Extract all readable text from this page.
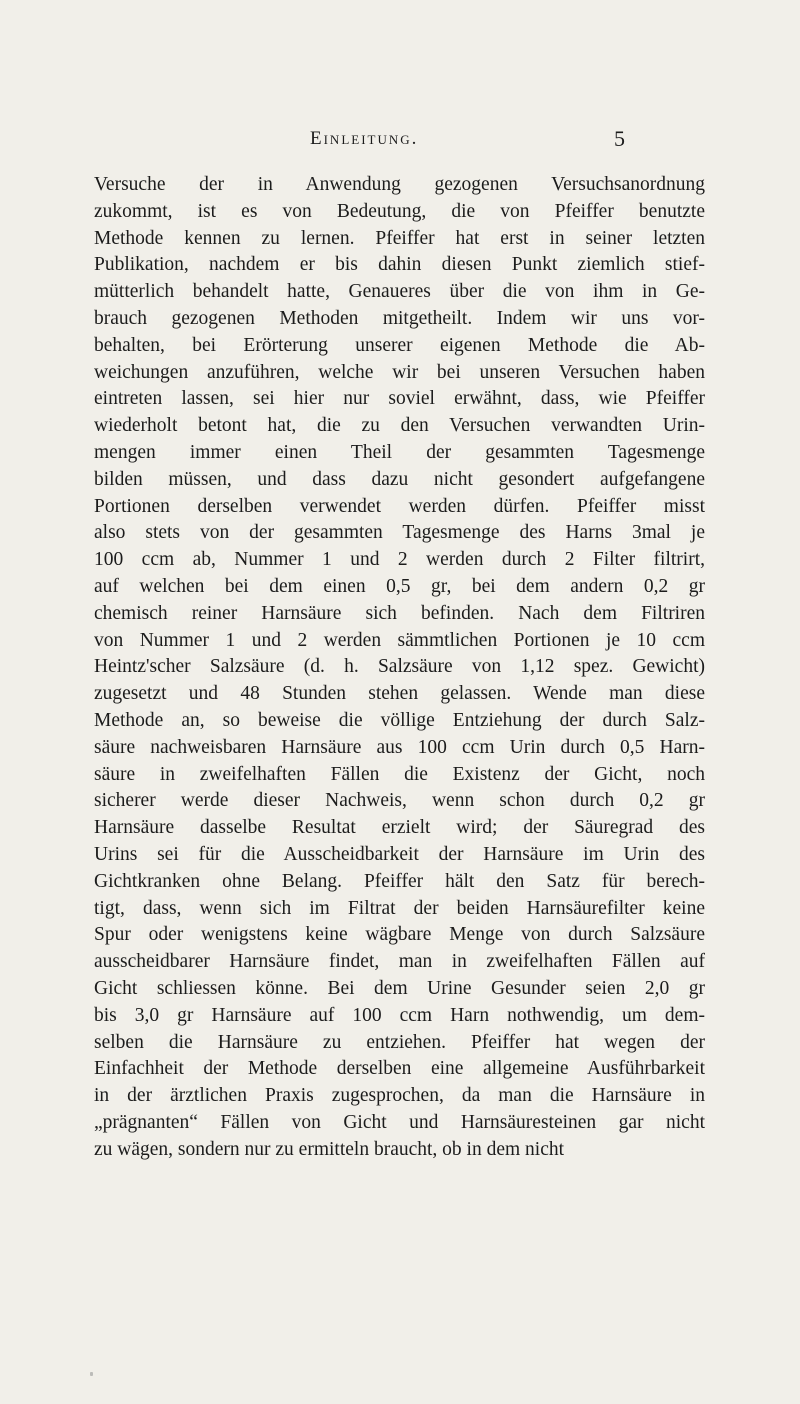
Einleitung.	5
Versuche der in Anwendung gezogenen Versuchsanordnung
zukommt, ist es von Bedeutung, die von Pfeiffer benutzte
Methode kennen zu lernen. Pfeiffer hat erst in seiner letzten
Publikation, nachdem er bis dahin diesen Punkt ziemlich stief-
mütterlich behandelt hatte, Genaueres über die von ihm in Ge-
brauch gezogenen Methoden mitgetheilt. Indem wir uns vor-
behalten, bei Erörterung unserer eigenen Methode die Ab-
weichungen anzuführen, welche wir bei unseren Versuchen haben
eintreten lassen, sei hier nur soviel erwähnt, dass, wie Pfeiffer
wiederholt betont hat, die zu den Versuchen verwandten Urin-
mengen immer einen Theil der gesammten Tagesmenge
bilden müssen, und dass dazu nicht gesondert aufgefangene
Portionen derselben verwendet werden dürfen. Pfeiffer misst
also stets von der gesammten Tagesmenge des Harns 3mal je
100 ccm ab, Nummer 1 und 2 werden durch 2 Filter filtrirt,
auf welchen bei dem einen 0,5 gr, bei dem andern 0,2 gr
chemisch reiner Harnsäure sich befinden. Nach dem Filtriren
von Nummer 1 und 2 werden sämmtlichen Portionen je 10 ccm
Heintz'scher Salzsäure (d. h. Salzsäure von 1,12 spez. Gewicht)
zugesetzt und 48 Stunden stehen gelassen. Wende man diese
Methode an, so beweise die völlige Entziehung der durch Salz-
säure nachweisbaren Harnsäure aus 100 ccm Urin durch 0,5 Harn-
säure in zweifelhaften Fällen die Existenz der Gicht, noch
sicherer werde dieser Nachweis, wenn schon durch 0,2 gr
Harnsäure dasselbe Resultat erzielt wird; der Säuregrad des
Urins sei für die Ausscheidbarkeit der Harnsäure im Urin des
Gichtkranken ohne Belang. Pfeiffer hält den Satz für berech-
tigt, dass, wenn sich im Filtrat der beiden Harnsäurefilter keine
Spur oder wenigstens keine wägbare Menge von durch Salzsäure
ausscheidbarer Harnsäure findet, man in zweifelhaften Fällen auf
Gicht schliessen könne. Bei dem Urine Gesunder seien 2,0 gr
bis 3,0 gr Harnsäure auf 100 ccm Harn nothwendig, um dem-
selben die Harnsäure zu entziehen. Pfeiffer hat wegen der
Einfachheit der Methode derselben eine allgemeine Ausführbarkeit
in der ärztlichen Praxis zugesprochen, da man die Harnsäure in
„prägnanten“ Fällen von Gicht und Harnsäuresteinen gar nicht
zu wägen, sondern nur zu ermitteln braucht, ob in dem nicht
